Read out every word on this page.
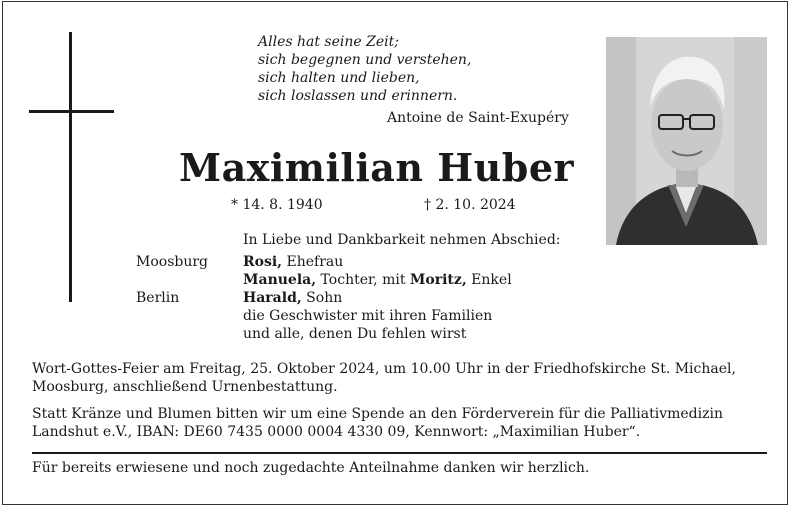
Alles hat seine Zeit;
sich begegnen und verstehen,
sich halten und lieben,
sich loslassen und erinnern.
Antoine de Saint-Exupéry
Maximilian Huber
* 14. 8. 1940	† 2. 10. 2024
In Liebe und Dankbarkeit nehmen Abschied:
Moosburg	Rosi, Ehefrau
Manuela, Tochter, mit Moritz, Enkel
Berlin	Harald, Sohn
die Geschwister mit ihren Familien
und alle, denen Du fehlen wirst
Wort-Gottes-Feier am Freitag, 25. Oktober 2024, um 10.00 Uhr in der Friedhofskirche St. Michael, Moosburg, anschließend Urnenbestattung.
Statt Kränze und Blumen bitten wir um eine Spende an den Förderverein für die Palliativmedizin Landshut e.V., IBAN: DE60 7435 0000 0004 4330 09, Kennwort: „Maximilian Huber“.
Für bereits erwiesene und noch zugedachte Anteilnahme danken wir herzlich.
